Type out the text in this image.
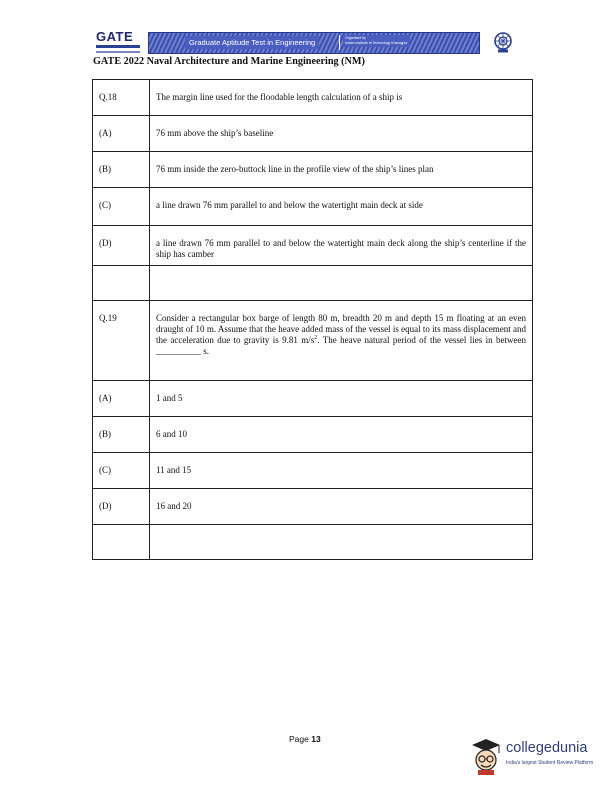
GATE	Graduate Aptitude Test in Engineering	Organised by
Indian Institute of Technology Kharagpur
GATE 2022 Naval Architecture and Marine Engineering (NM)
Q.18	The margin line used for the floodable length calculation of a ship is
(A)	76 mm above the ship’s baseline
(B)	76 mm inside the zero-buttock line in the profile view of the ship’s lines plan
(C)	a line drawn 76 mm parallel to and below the watertight main deck at side
(D)	a line drawn 76 mm parallel to and below the watertight main deck along the ship’s centerline if the ship has camber

Q.19	Consider a rectangular box barge of length 80 m, breadth 20 m and depth 15 m floating at an even draught of 10 m. Assume that the heave added mass of the vessel is equal to its mass displacement and the acceleration due to gravity is 9.81 $m/s^2$. The heave natural period of the vessel lies in between __________ s.

(A)	1 and 5
(B)	6 and 10
(C)	11 and 15
(D)	16 and 20

Page 13
collegedunia
India's largest Student Review Platform
